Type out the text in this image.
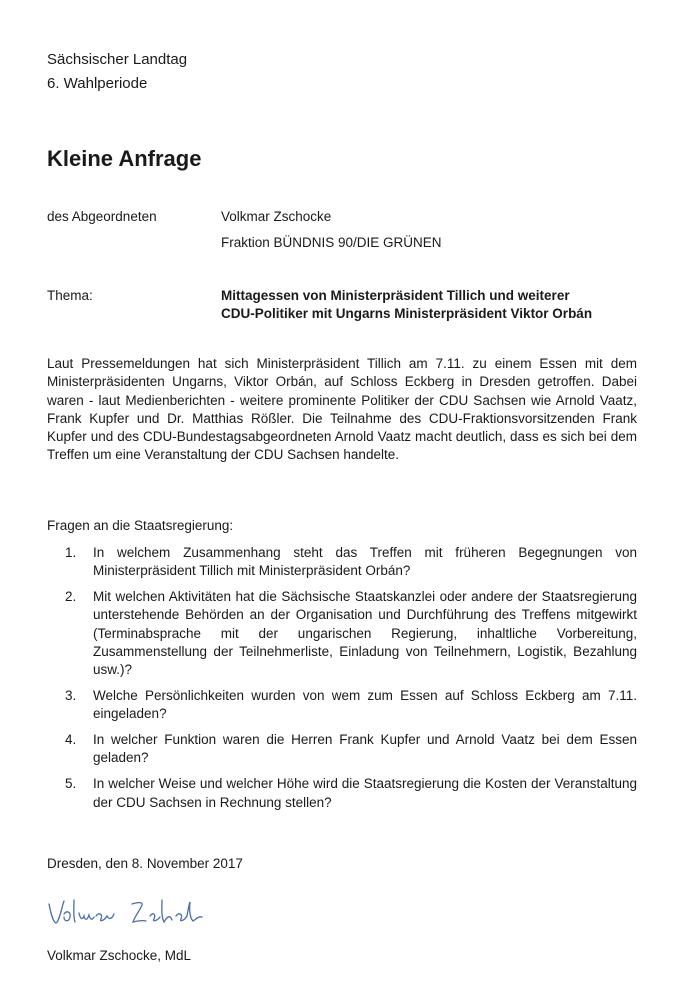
Sächsischer Landtag
6. Wahlperiode
Kleine Anfrage
des Abgeordneten	Volkmar Zschocke
Fraktion BÜNDNIS 90/DIE GRÜNEN
Thema:	Mittagessen von Ministerpräsident Tillich und weiterer
CDU-Politiker mit Ungarns Ministerpräsident Viktor Orbán

Laut Pressemeldungen hat sich Ministerpräsident Tillich am 7.11. zu einem Essen mit dem Ministerpräsidenten Ungarns, Viktor Orbán, auf Schloss Eckberg in Dresden getroffen. Dabei waren - laut Medienberichten - weitere prominente Politiker der CDU Sachsen wie Arnold Vaatz, Frank Kupfer und Dr. Matthias Rößler. Die Teilnahme des CDU-Fraktionsvorsitzenden Frank Kupfer und des CDU-Bundestagsabgeordneten Arnold Vaatz macht deutlich, dass es sich bei dem Treffen um eine Veranstaltung der CDU Sachsen handelte.

Fragen an die Staatsregierung:
1. In welchem Zusammenhang steht das Treffen mit früheren Begegnungen von Ministerpräsident Tillich mit Ministerpräsident Orbán?
2. Mit welchen Aktivitäten hat die Sächsische Staatskanzlei oder andere der Staatsregierung unterstehende Behörden an der Organisation und Durchführung des Treffens mitgewirkt (Terminabsprache mit der ungarischen Regierung, inhaltliche Vorbereitung, Zusammenstellung der Teilnehmerliste, Einladung von Teilnehmern, Logistik, Bezahlung usw.)?
3. Welche Persönlichkeiten wurden von wem zum Essen auf Schloss Eckberg am 7.11. eingeladen?
4. In welcher Funktion waren die Herren Frank Kupfer und Arnold Vaatz bei dem Essen geladen?
5. In welcher Weise und welcher Höhe wird die Staatsregierung die Kosten der Veranstaltung der CDU Sachsen in Rechnung stellen?
Dresden, den 8. November 2017
Volkmar Zschocke, MdL
